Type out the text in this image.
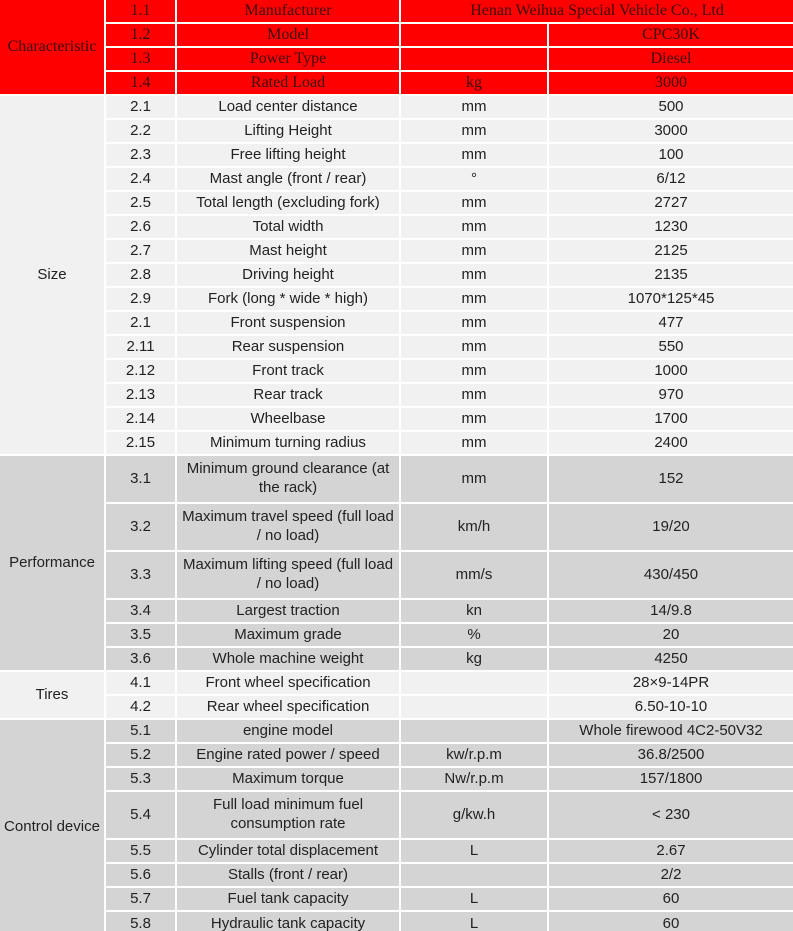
Characteristic	1.1	Manufacturer	Henan Weihua Special Vehicle Co., Ltd	
	1.2	Model		CPC30K
	1.3	Power Type		Diesel
	1.4	Rated Load	kg	3000
Size	2.1	Load center distance	mm	500
	2.2	Lifting Height	mm	3000
	2.3	Free lifting height	mm	100
	2.4	Mast angle (front / rear)	°	6/12
	2.5	Total length (excluding fork)	mm	2727
	2.6	Total width	mm	1230
	2.7	Mast height	mm	2125
	2.8	Driving height	mm	2135
	2.9	Fork (long * wide * high)	mm	1070*125*45
	2.1	Front suspension	mm	477
	2.11	Rear suspension	mm	550
	2.12	Front track	mm	1000
	2.13	Rear track	mm	970
	2.14	Wheelbase	mm	1700
	2.15	Minimum turning radius	mm	2400
Performance	3.1	Minimum ground clearance (at the rack)	mm	152
	3.2	Maximum travel speed (full load / no load)	km/h	19/20
	3.3	Maximum lifting speed (full load / no load)	mm/s	430/450
	3.4	Largest traction	kn	14/9.8
	3.5	Maximum grade	%	20
	3.6	Whole machine weight	kg	4250
Tires	4.1	Front wheel specification		28×9-14PR
	4.2	Rear wheel specification		6.50-10-10
Control device	5.1	engine model		Whole firewood 4C2-50V32
	5.2	Engine rated power / speed	kw/r.p.m	36.8/2500
	5.3	Maximum torque	Nw/r.p.m	157/1800
	5.4	Full load minimum fuel consumption rate	g/kw.h	< 230
	5.5	Cylinder total displacement	L	2.67
	5.6	Stalls (front / rear)		2/2
	5.7	Fuel tank capacity	L	60
	5.8	Hydraulic tank capacity	L	60
